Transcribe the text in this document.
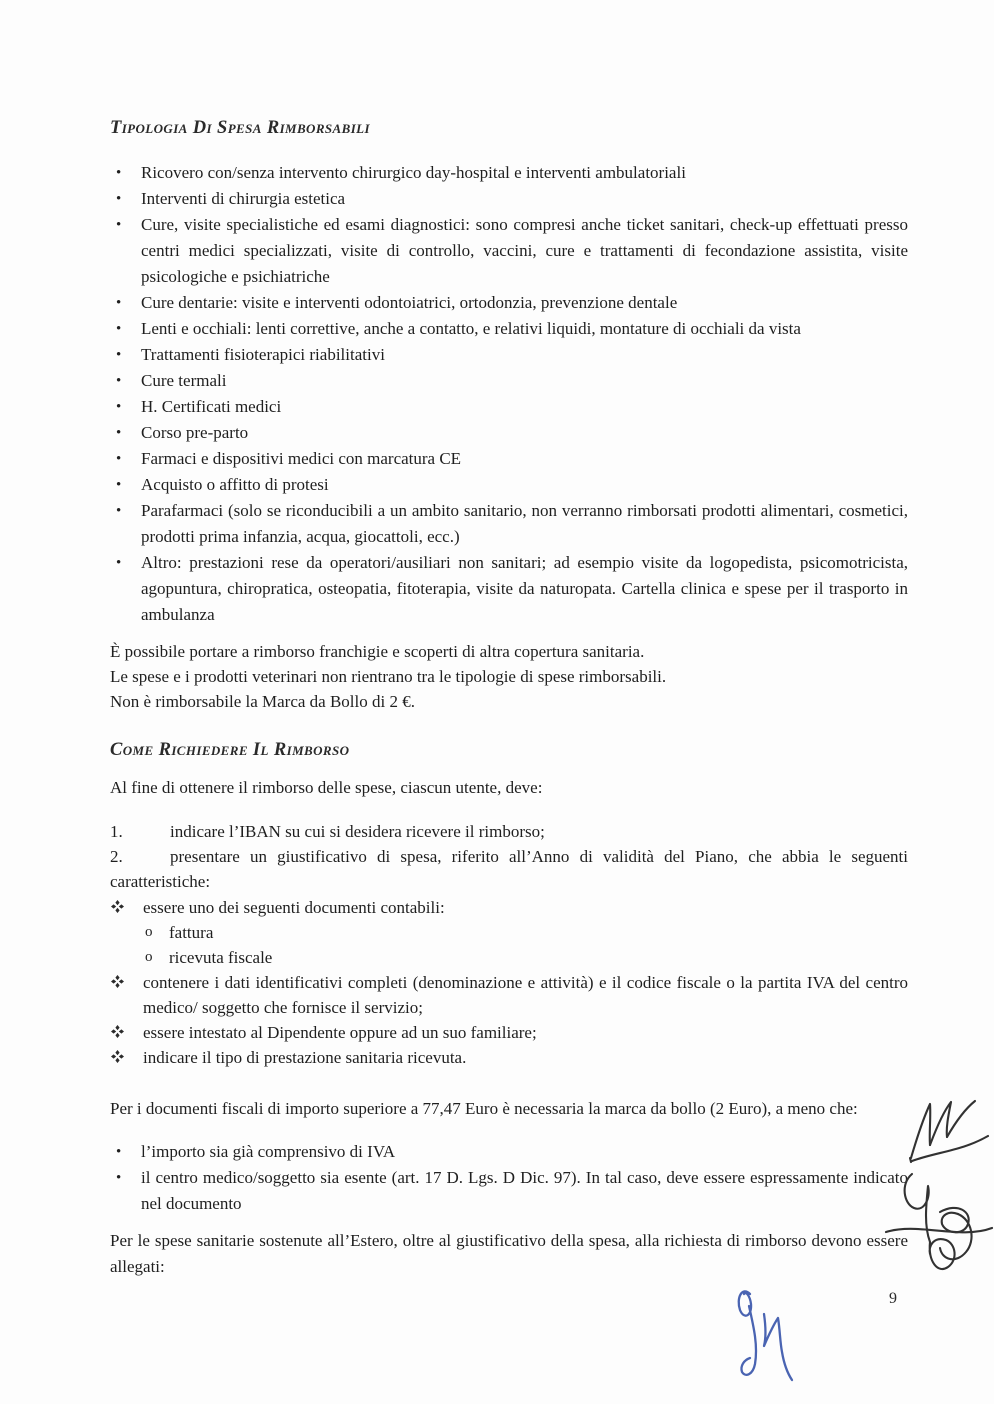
Tipologia Di Spesa Rimborsabili
• Ricovero con/senza intervento chirurgico day-hospital e interventi ambulatoriali
• Interventi di chirurgia estetica
• Cure, visite specialistiche ed esami diagnostici: sono compresi anche ticket sanitari, check-up effettuati presso centri medici specializzati, visite di controllo, vaccini, cure e trattamenti di fecondazione assistita, visite psicologiche e psichiatriche
• Cure dentarie: visite e interventi odontoiatrici, ortodonzia, prevenzione dentale
• Lenti e occhiali: lenti correttive, anche a contatto, e relativi liquidi, montature di occhiali da vista
• Trattamenti fisioterapici riabilitativi
• Cure termali
• H. Certificati medici
• Corso pre-parto
• Farmaci e dispositivi medici con marcatura CE
• Acquisto o affitto di protesi
• Parafarmaci (solo se riconducibili a un ambito sanitario, non verranno rimborsati prodotti alimentari, cosmetici, prodotti prima infanzia, acqua, giocattoli, ecc.)
• Altro: prestazioni rese da operatori/ausiliari non sanitari; ad esempio visite da logopedista, psicomotricista, agopuntura, chiropratica, osteopatia, fitoterapia, visite da naturopata. Cartella clinica e spese per il trasporto in ambulanza
È possibile portare a rimborso franchigie e scoperti di altra copertura sanitaria.
Le spese e i prodotti veterinari non rientrano tra le tipologie di spese rimborsabili.
Non è rimborsabile la Marca da Bollo di 2 €.
Come Richiedere Il Rimborso
Al fine di ottenere il rimborso delle spese, ciascun utente, deve:
1.	indicare l’IBAN su cui si desidera ricevere il rimborso;
2.	presentare un giustificativo di spesa, riferito all’Anno di validità del Piano, che abbia le seguenti caratteristiche:
essere uno dei seguenti documenti contabili:
o fattura
o ricevuta fiscale
contenere i dati identificativi completi (denominazione e attività) e il codice fiscale o la partita IVA del centro medico/ soggetto che fornisce il servizio;
essere intestato al Dipendente oppure ad un suo familiare;
indicare il tipo di prestazione sanitaria ricevuta.
Per i documenti fiscali di importo superiore a 77,47 Euro è necessaria la marca da bollo (2 Euro), a meno che:
• l’importo sia già comprensivo di IVA
• il centro medico/soggetto sia esente (art. 17 D. Lgs. D Dic. 97). In tal caso, deve essere espressamente indicato nel documento
Per le spese sanitarie sostenute all’Estero, oltre al giustificativo della spesa, alla richiesta di rimborso devono essere allegati:
9
